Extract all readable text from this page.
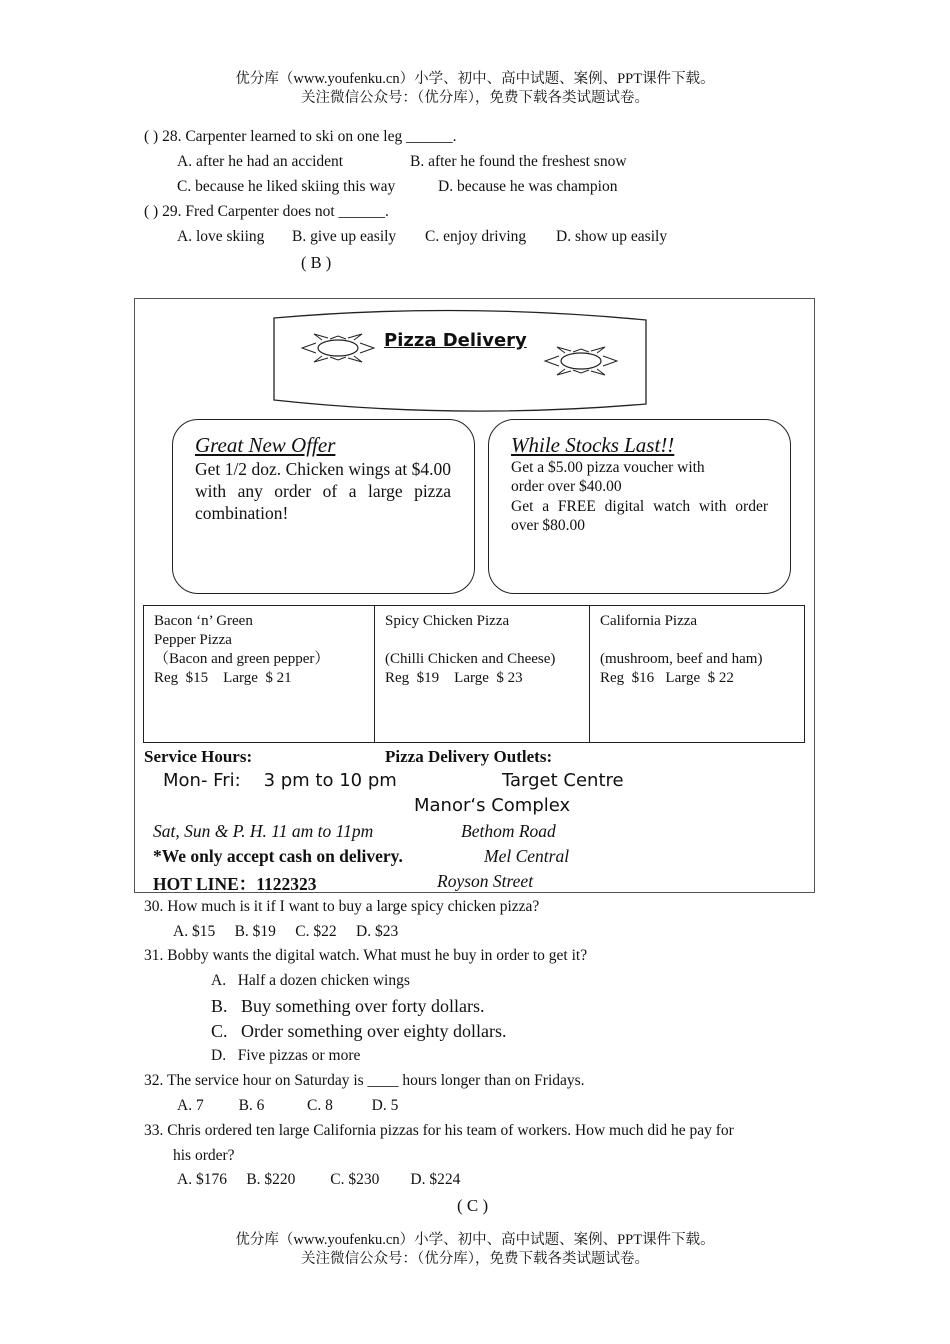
优分库（www.youfenku.cn）小学、初中、高中试题、案例、PPT课件下载。
关注微信公众号：（优分库），免费下载各类试题试卷。
( ) 28. Carpenter learned to ski on one leg ______.
A. after he had an accident	B. after he found the freshest snow
C. because he liked skiing this way	D. because he was champion
( ) 29. Fred Carpenter does not ______.
A. love skiing B. give up easily C. enjoy driving D. show up easily
( B )
Pizza Delivery
Great New Offer
Get 1/2 doz. Chicken wings at $4.00 with any order of a large pizza combination!
While Stocks Last!!
Get a $5.00 pizza voucher with
order over $40.00
Get a FREE digital watch with order over $80.00
Bacon ‘n’ Green
Pepper Pizza
（Bacon and green pepper）
Reg  $15    Large  $ 21
Spicy Chicken Pizza
(Chilli Chicken and Cheese)
Reg  $19    Large  $ 23
California Pizza
(mushroom, beef and ham)
Reg  $16   Large  $ 22
Service Hours:	Pizza Delivery Outlets:
Mon- Fri:    3 pm to 10 pm	Target Centre
Manor‘s Complex
Sat, Sun & P. H. 11 am to 11pm	Bethom Road
*We only accept cash on delivery.	Mel Central
HOT LINE：1122323	Royson Street
30. How much is it if I want to buy a large spicy chicken pizza?
A. $15     B. $19     C. $22     D. $23
31. Bobby wants the digital watch. What must he buy in order to get it?
A.   Half a dozen chicken wings
B.   Buy something over forty dollars.
C.   Order something over eighty dollars.
D.   Five pizzas or more
32. The service hour on Saturday is ____ hours longer than on Fridays.
A. 7         B. 6           C. 8          D. 5
33. Chris ordered ten large California pizzas for his team of workers. How much did he pay for
his order?
A. $176     B. $220         C. $230        D. $224
( C )
优分库（www.youfenku.cn）小学、初中、高中试题、案例、PPT课件下载。
关注微信公众号：（优分库），免费下载各类试题试卷。
